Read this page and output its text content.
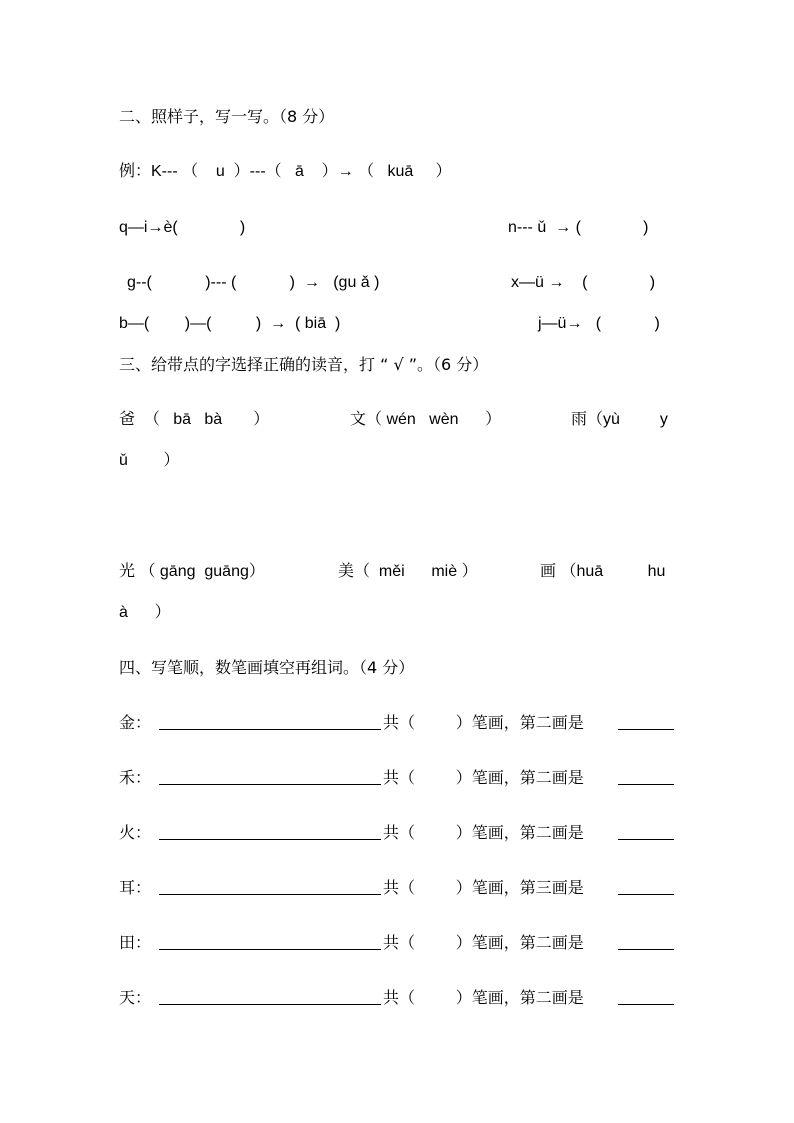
二、照样子，写一写。（8 分）
例：K--- （    u  ）---（   ā    ）→ （   kuā     ）
q—i→è(              )	n--- ǔ  → (              )
g--(            )--- (            )  →   (gu ǎ )	x—ü →    (              )
b—(        )—(          )  →  ( biā  )	j—ü→   (            )
三、给带点的字选择正确的读音，打 “ √ ”。（6 分）
爸  （   bā   bà       ）	文（ wén   wèn      ）	雨（yù         y
ǔ        ）
光 （ gāng  guāng）	美（  měi      miè ）	画 （huā          hu
à      ）
四、写笔顺，数笔画填空再组词。（4 分）
金：	共（        ）笔画，第二画是
禾：	共（        ）笔画，第二画是
火：	共（        ）笔画，第二画是
耳：	共（        ）笔画，第三画是
田：	共（        ）笔画，第二画是
天：	共（        ）笔画，第二画是
